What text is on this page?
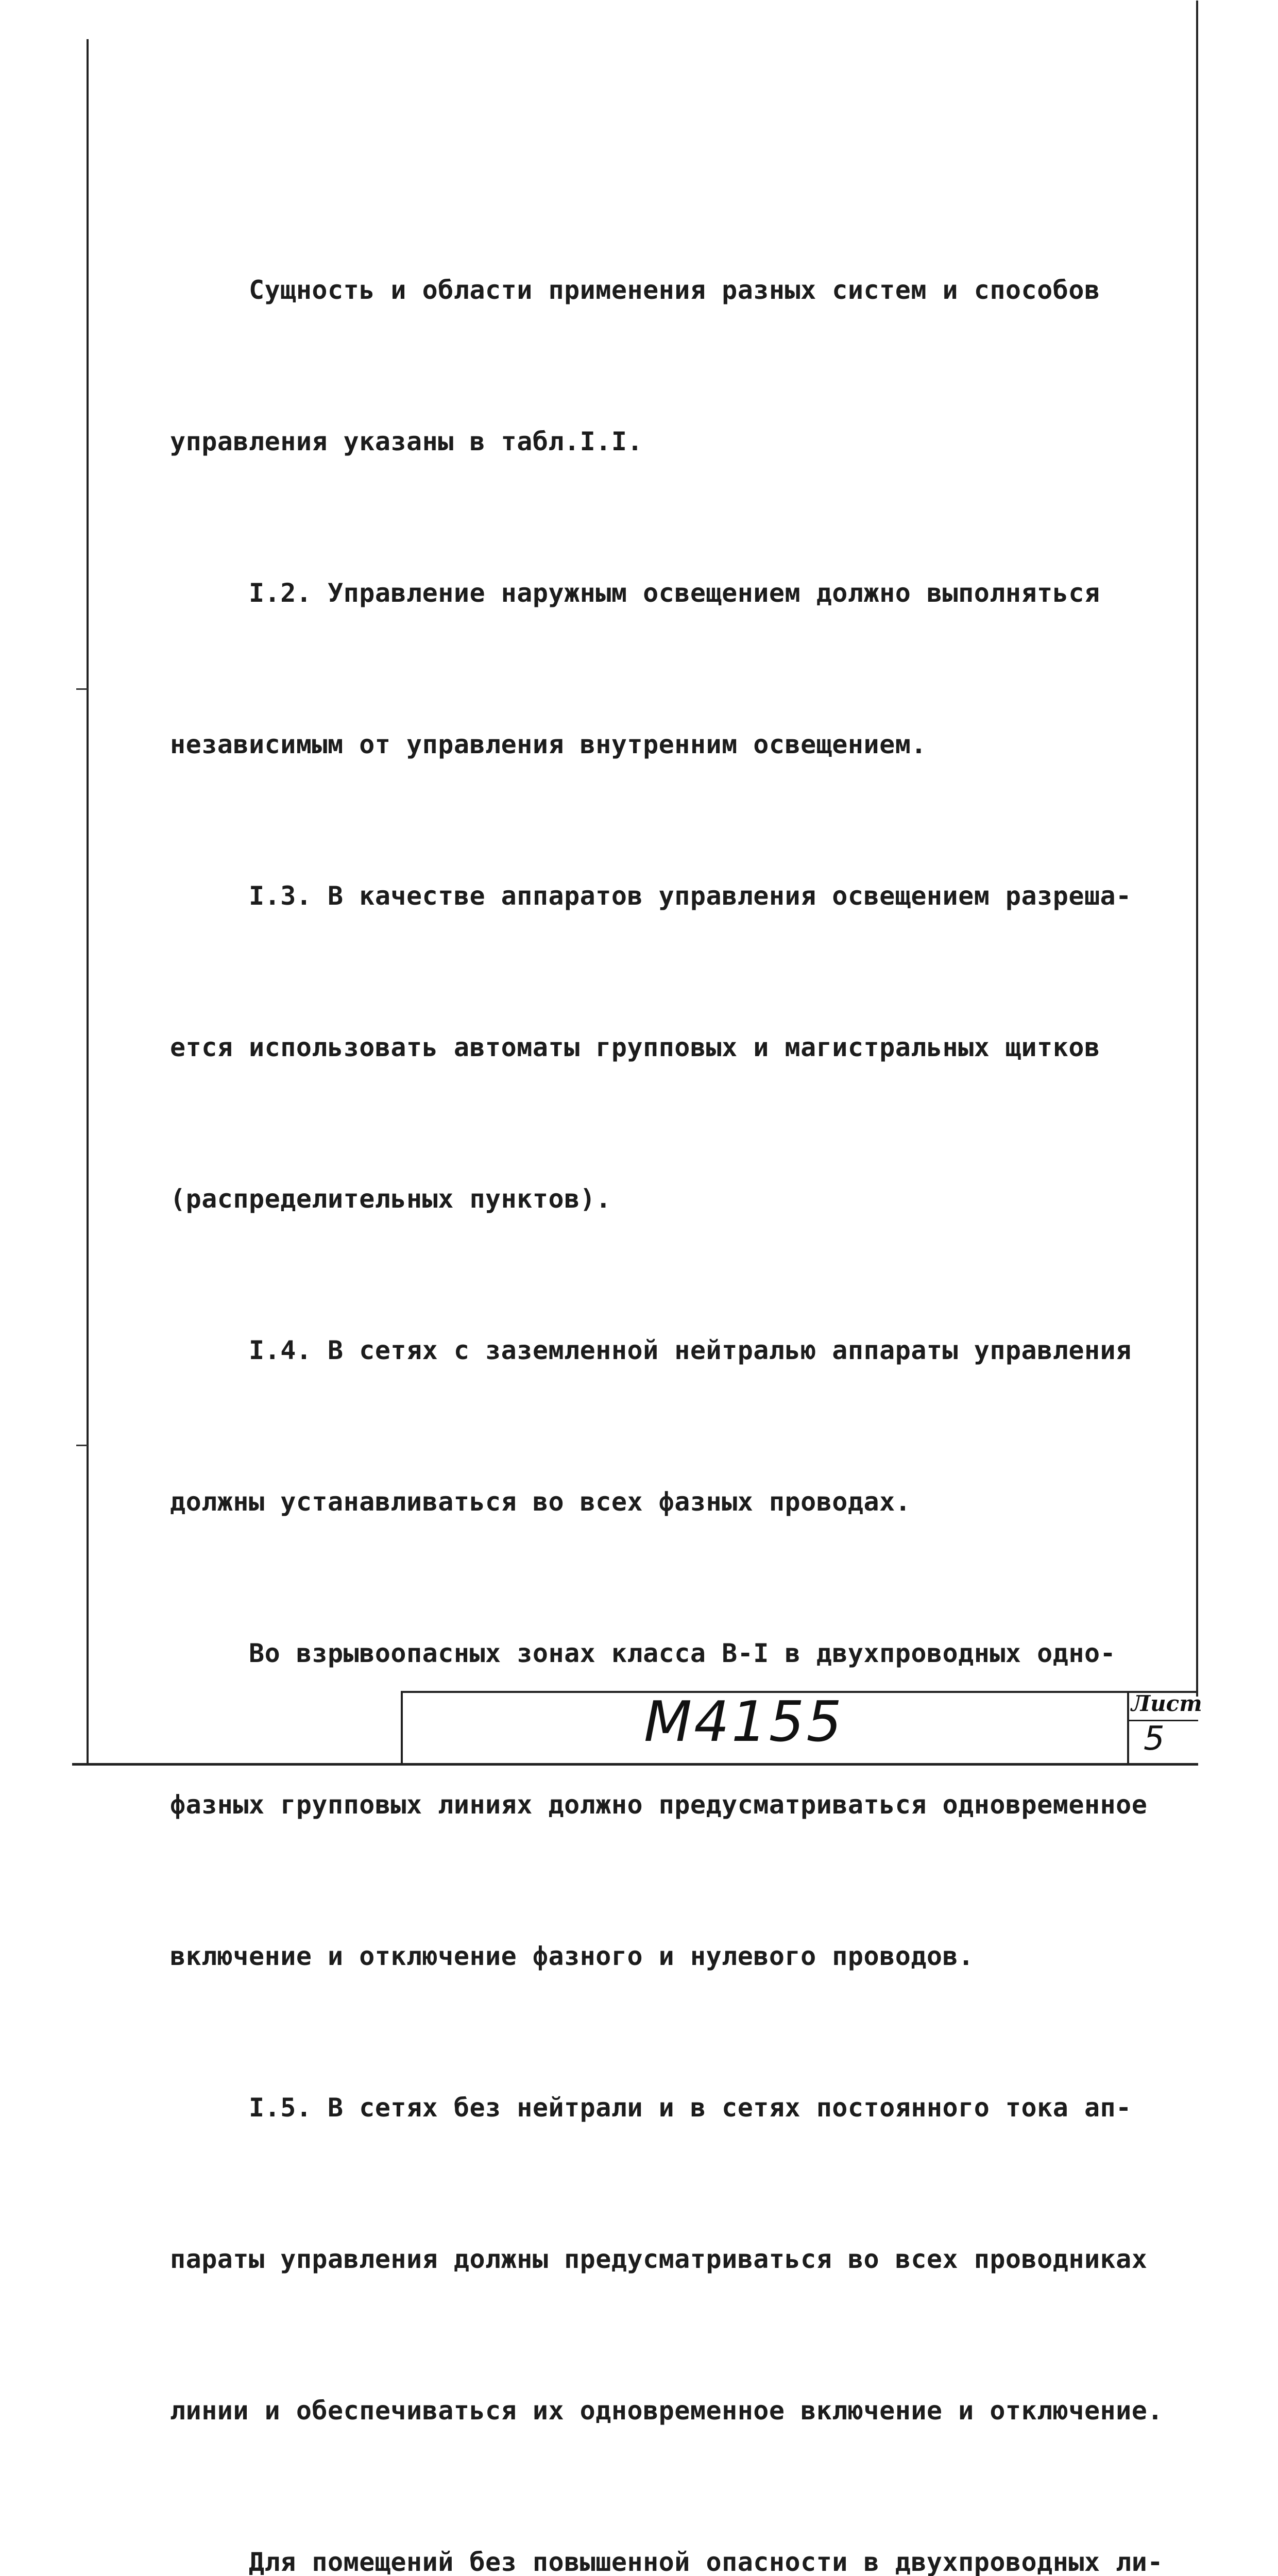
Сущность и области применения разных систем и способов

управления указаны в табл.I.I.

I.2. Управление наружным освещением должно выполняться

независимым от управления внутренним освещением.

I.3. В качестве аппаратов управления освещением разреша-

ется использовать автоматы групповых и магистральных щитков

(распределительных пунктов).

I.4. В сетях с заземленной нейтралью аппараты управления

должны устанавливаться во всех фазных проводах.

Во взрывоопасных зонах класса В-I в двухпроводных одно-

фазных групповых линиях должно предусматриваться одновременное

включение и отключение фазного и нулевого проводов.

I.5. В сетях без нейтрали и в сетях постоянного тока ап-

параты управления должны предусматриваться во всех проводниках

линии и обеспечиваться их одновременное включение и отключение.

Для помещений без повышенной опасности в двухпроводных ли-

M4155	Лист
5
